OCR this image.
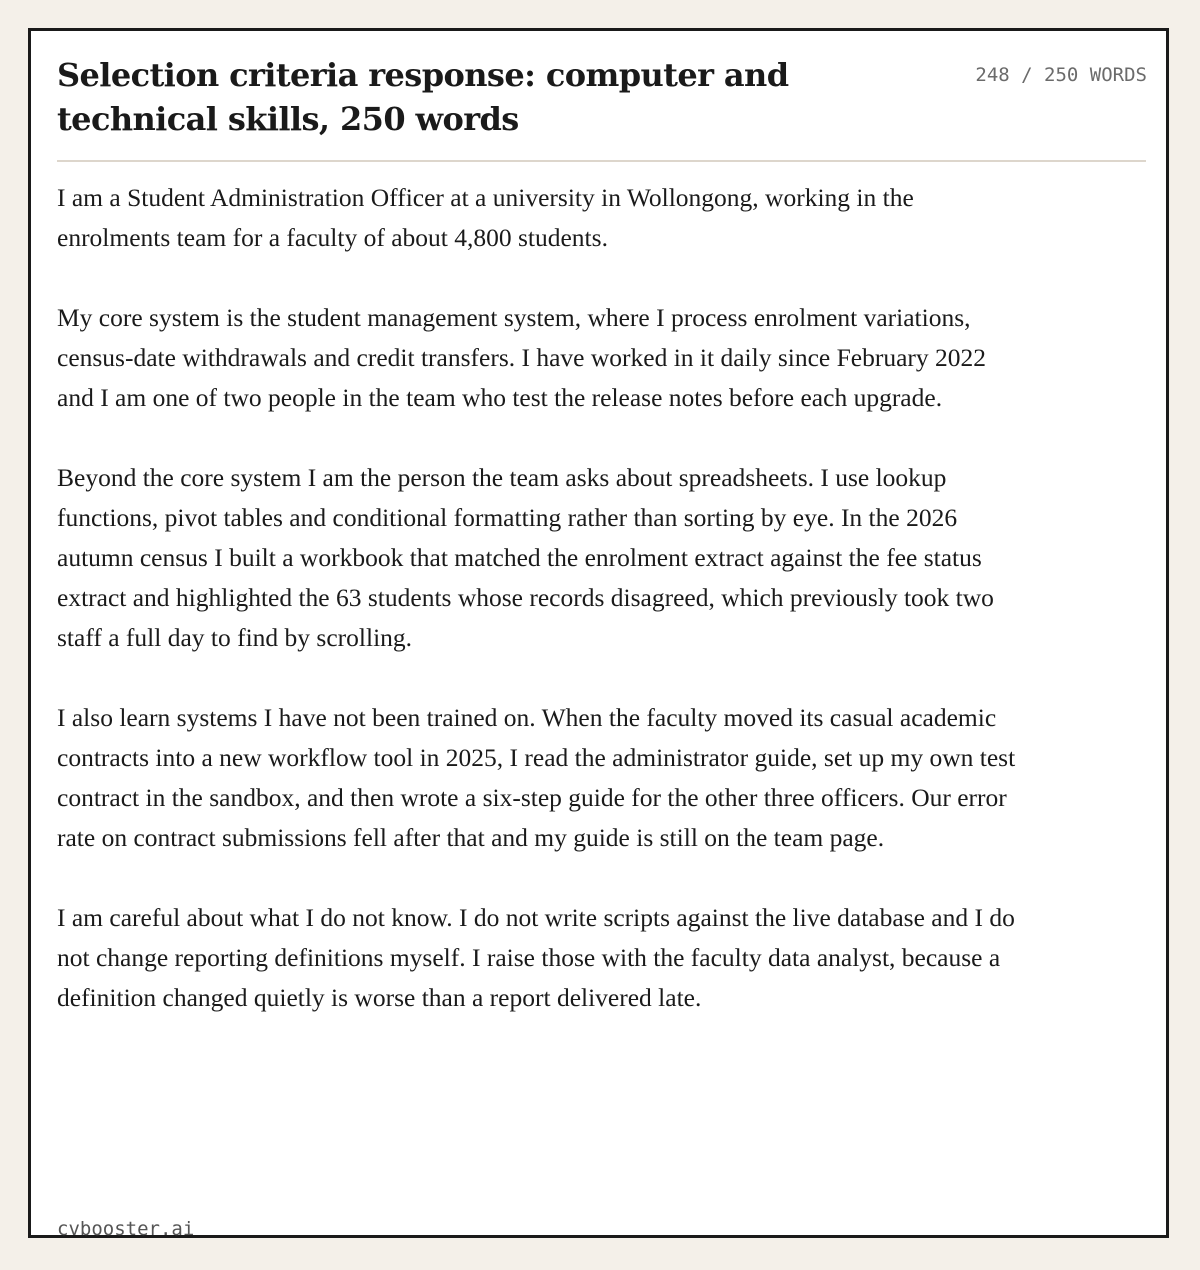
Selection criteria response: computer and technical skills, 250 words
248 / 250 WORDS

I am a Student Administration Officer at a university in Wollongong, working in the enrolments team for a faculty of about 4,800 students.

My core system is the student management system, where I process enrolment variations, census-date withdrawals and credit transfers. I have worked in it daily since February 2022 and I am one of two people in the team who test the release notes before each upgrade.

Beyond the core system I am the person the team asks about spreadsheets. I use lookup functions, pivot tables and conditional formatting rather than sorting by eye. In the 2026 autumn census I built a workbook that matched the enrolment extract against the fee status extract and highlighted the 63 students whose records disagreed, which previously took two staff a full day to find by scrolling.

I also learn systems I have not been trained on. When the faculty moved its casual academic contracts into a new workflow tool in 2025, I read the administrator guide, set up my own test contract in the sandbox, and then wrote a six-step guide for the other three officers. Our error rate on contract submissions fell after that and my guide is still on the team page.

I am careful about what I do not know. I do not write scripts against the live database and I do not change reporting definitions myself. I raise those with the faculty data analyst, because a definition changed quietly is worse than a report delivered late.

cvbooster.ai
